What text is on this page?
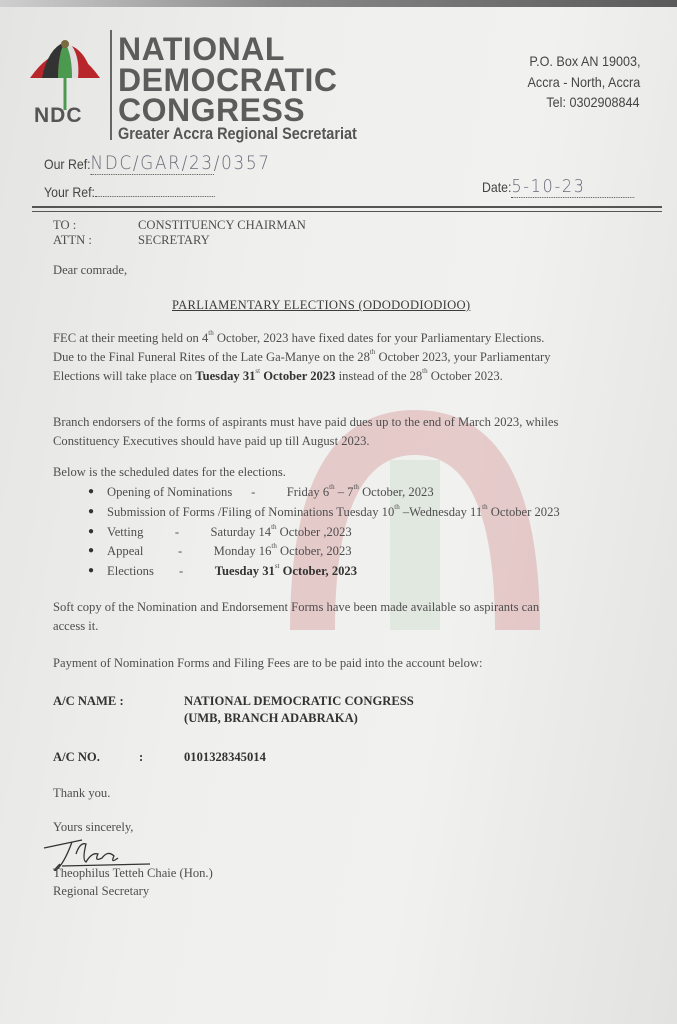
NDC
NATIONAL
DEMOCRATIC
CONGRESS
Greater Accra Regional Secretariat
P.O. Box AN 19003,
Accra - North, Accra
Tel: 0302908844
Our Ref:NDC/GAR/23/0357
Your Ref:	Date:5-10-23
TO :	CONSTITUENCY CHAIRMAN
ATTN :	SECRETARY
Dear comrade,
PARLIAMENTARY ELECTIONS (ODODODIODIOO)
FEC at their meeting held on 4th October, 2023 have fixed dates for your Parliamentary Elections.
Due to the Final Funeral Rites of the Late Ga-Manye on the 28th October 2023, your Parliamentary
Elections will take place on Tuesday 31st October 2023 instead of the 28th October 2023.
Branch endorsers of the forms of aspirants must have paid dues up to the end of March 2023, whiles
Constituency Executives should have paid up till August 2023.
Below is the scheduled dates for the elections.
● Opening of Nominations      -          Friday 6th – 7th October, 2023
● Submission of Forms /Filing of Nominations Tuesday 10th –Wednesday 11th October 2023
● Vetting          -          Saturday 14th October ,2023
● Appeal           -          Monday 16th October, 2023
● Elections        -          Tuesday 31st October, 2023
Soft copy of the Nomination and Endorsement Forms have been made available so aspirants can
access it.
Payment of Nomination Forms and Filing Fees are to be paid into the account below:
A/C NAME :	NATIONAL DEMOCRATIC CONGRESS
(UMB, BRANCH ADABRAKA)
A/C NO.	:	0101328345014
Thank you.
Yours sincerely,
Theophilus Tetteh Chaie (Hon.)
Regional Secretary
